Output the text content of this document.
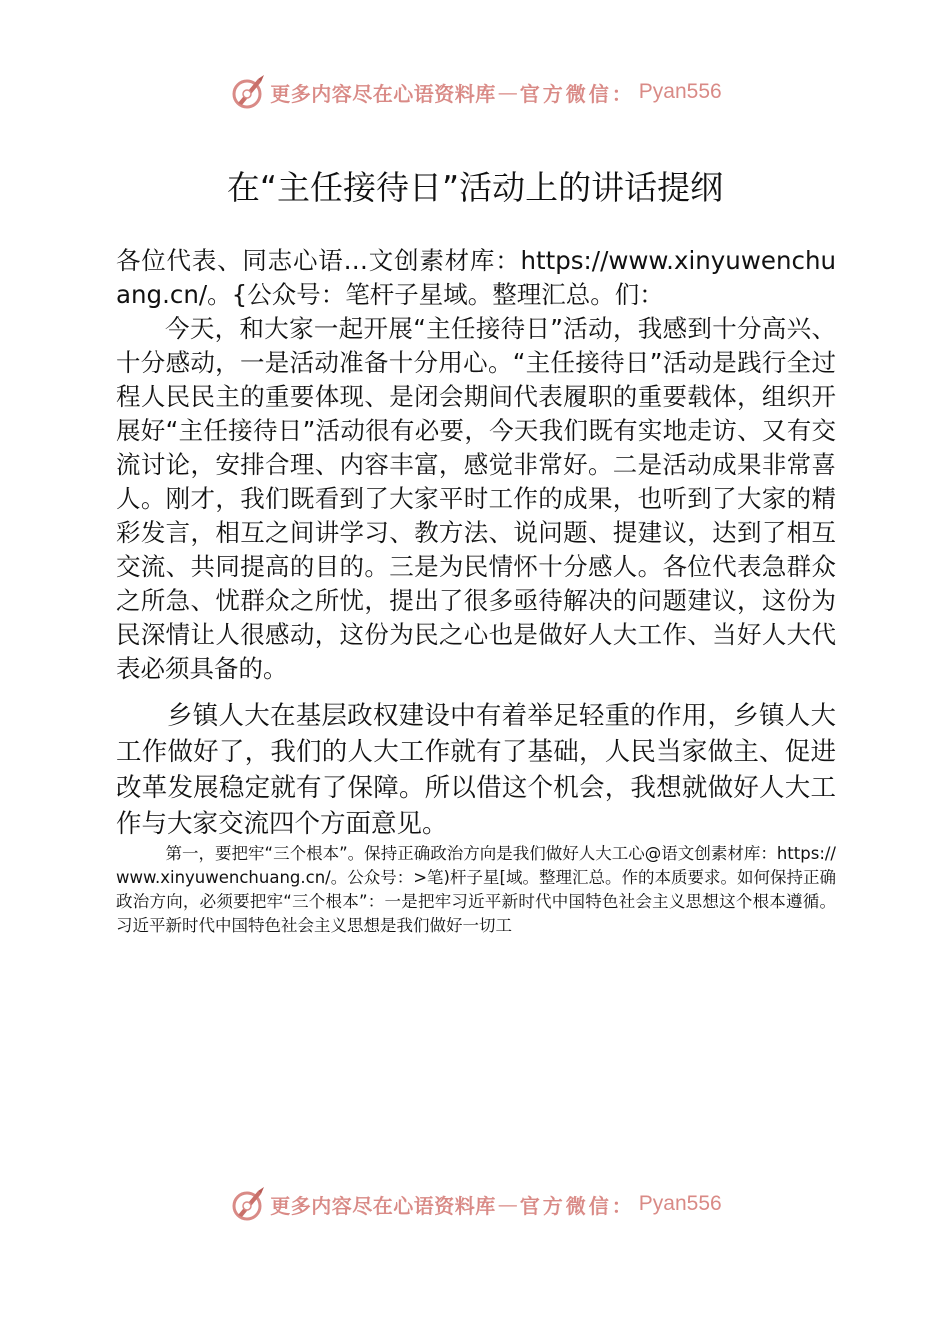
更多内容尽在心语资料库 — 官方微信： Pyan556
在“主任接待日”活动上的讲话提纲

各位代表、同志心语…文创素材库：https://www.xinyuwenchuang.cn/。{公众号：笔杆子星域。整理汇总。们：

今天，和大家一起开展“主任接待日”活动，我感到十分高兴、十分感动，一是活动准备十分用心。“主任接待日”活动是践行全过程人民民主的重要体现、是闭会期间代表履职的重要载体，组织开展好“主任接待日”活动很有必要，今天我们既有实地走访、又有交流讨论，安排合理、内容丰富，感觉非常好。二是活动成果非常喜人。刚才，我们既看到了大家平时工作的成果，也听到了大家的精彩发言，相互之间讲学习、教方法、说问题、提建议，达到了相互交流、共同提高的目的。三是为民情怀十分感人。各位代表急群众之所急、忧群众之所忧，提出了很多亟待解决的问题建议，这份为民深情让人很感动，这份为民之心也是做好人大工作、当好人大代表必须具备的。

乡镇人大在基层政权建设中有着举足轻重的作用，乡镇人大工作做好了，我们的人大工作就有了基础，人民当家做主、促进改革发展稳定就有了保障。所以借这个机会，我想就做好人大工作与大家交流四个方面意见。

第一，要把牢“三个根本”。保持正确政治方向是我们做好人大工心@语文创素材库：https://www.xinyuwenchuang.cn/。公众号：>笔)杆子星[域。整理汇总。作的本质要求。如何保持正确政治方向，必须要把牢“三个根本”：一是把牢习近平新时代中国特色社会主义思想这个根本遵循。习近平新时代中国特色社会主义思想是我们做好一切工

更多内容尽在心语资料库 — 官方微信： Pyan556
